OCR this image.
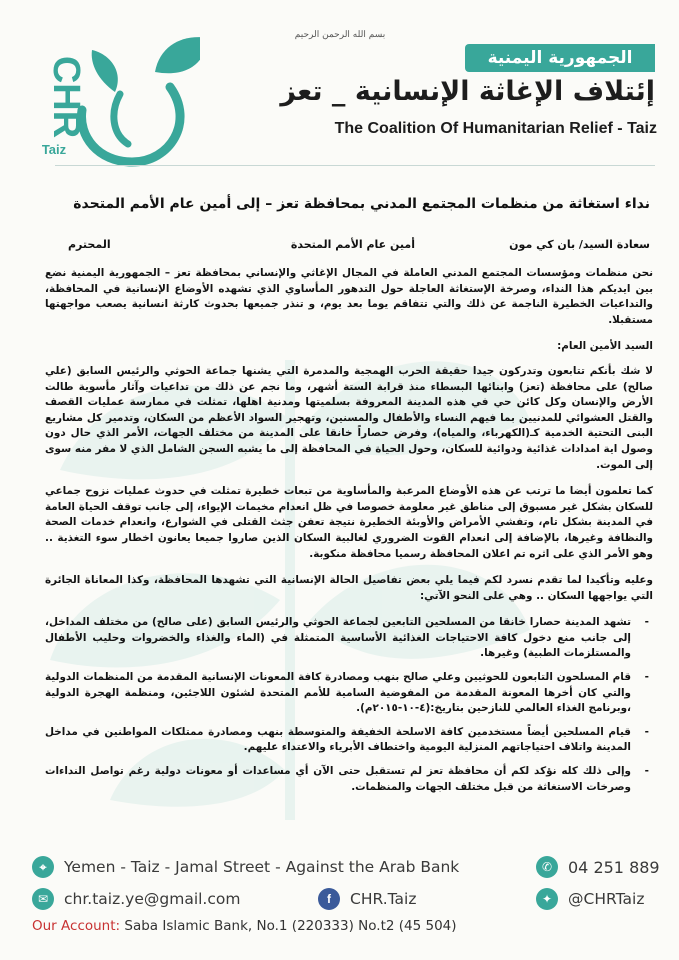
بسم الله الرحمن الرحيم
CHR
Taiz
الجمهورية اليمنية
إئتلاف الإغاثة الإنسانية _ تعز
The Coalition Of Humanitarian Relief - Taiz
نداء استغاثة من منظمات المجتمع المدني بمحافظة تعز – إلى أمين عام الأمم المتحدة
سعادة السيد/ بان كي مون
أمين عام الأمم المتحدة
المحترم

نحن منظمات ومؤسسات المجتمع المدني العاملة في المجال الإغاثي والإنساني بمحافظة تعز – الجمهورية اليمنية نضع بين ايديكم هذا النداء، وصرخة الإستغاثة العاجلة حول التدهور المأساوي الذي تشهده الأوضاع الإنسانية في المحافظة، والتداعيات الخطيرة الناجمة عن ذلك والتي تتفاقم يوما بعد يوم، و تنذر جميعها بحدوث كارثة انسانية يصعب مواجهتها مستقبلا.

السيد الأمين العام:

لا شك بأنكم تتابعون وتدركون جيدا حقيقة الحرب الهمجية والمدمرة التي يشنها جماعة الحوثي والرئيس السابق (علي صالح) على محافظة (تعز) وابنائها البسطاء منذ قرابة الستة أشهر، وما نجم عن ذلك من تداعيات وآثار مأسوية طالت الأرض والإنسان وكل كائن حي في هذه المدينة المعروفة بسلميتها ومدنية اهلها، تمثلت في ممارسة عمليات القصف والقتل العشوائي للمدنيين بما فيهم النساء والأطفال والمسنين، وتهجير السواد الأعظم من السكان، وتدمير كل مشاريع البنى التحتية الخدمية كـ(الكهرباء، والمياه)، وفرض حصاراً خانقا على المدينة من مختلف الجهات، الأمر الذي حال دون وصول اية امدادات غذائية ودوائية للسكان، وحول الحياة في المحافظة إلى ما يشبه السجن الشامل الذي لا مفر منه سوى إلى الموت.

كما تعلمون أيضا ما ترتب عن هذه الأوضاع المرعبة والمأساوية من تبعات خطيرة تمثلت في حدوث عمليات نزوح جماعي للسكان بشكل غير مسبوق إلى مناطق غير معلومة خصوصا في ظل انعدام مخيمات الإيواء، إلى جانب توقف الحياة العامة في المدينة بشكل تام، وتفشي الأمراض والأوبئة الخطيرة نتيجة تعفن جثث القتلى في الشوارع، وانعدام خدمات الصحة والنظافة وغيرها، بالإضافة إلى انعدام القوت الضروري لغالبية السكان الذين صاروا جميعا يعانون اخطار سوء التغذية .. وهو الأمر الذي على اثره تم اعلان المحافظة رسميا محافظة منكوبة.

وعليه وتأكيدا لما تقدم نسرد لكم فيما يلي بعض تفاصيل الحالة الإنسانية التي تشهدها المحافظة، وكذا المعاناة الجائرة التي يواجهها السكان .. وهي على النحو الآتي:

- تشهد المدينة حصارا خانقا من المسلحين التابعين لجماعة الحوثي والرئيس السابق (على صالح) من مختلف المداخل، إلى جانب منع دخول كافة الاحتياجات الغذائية الأساسية المتمثلة في (الماء والغذاء والخضروات وحليب الأطفال والمستلزمات الطبية) وغيرها.
- قام المسلحون التابعون للحوثيين وعلي صالح بنهب ومصادرة كافة المعونات الإنسانية المقدمة من المنظمات الدولية والتي كان أخرها المعونة المقدمة من المفوضية السامية للأمم المتحدة لشئون اللاجئين، ومنظمة الهجرة الدولية ،وبرنامج الغذاء العالمي للنازحين بتاريخ:(٤-١٠-٢٠١٥م).
- قيام المسلحين أيضاً مستخدمين كافة الاسلحة الخفيفة والمتوسطة بنهب ومصادرة ممتلكات المواطنين في مداخل المدينة واتلاف احتياجاتهم المنزلية اليومية واختطاف الأبرياء والاعتداء عليهم.
- وإلى ذلك كله نؤكد لكم أن محافظة تعز لم تستقبل حتى الآن أي مساعدات أو معونات دولية رغم تواصل النداءات وصرخات الاستغاثة من قبل مختلف الجهات والمنظمات.
⌖	Yemen - Taiz - Jamal Street - Against the Arab Bank	✆ 04 251 889
✉	chr.taiz.ye@gmail.com	f	CHR.Taiz	✦	@CHRTaiz
Our Account: Saba Islamic Bank, No.1 (220333) No.t2 (45 504)
